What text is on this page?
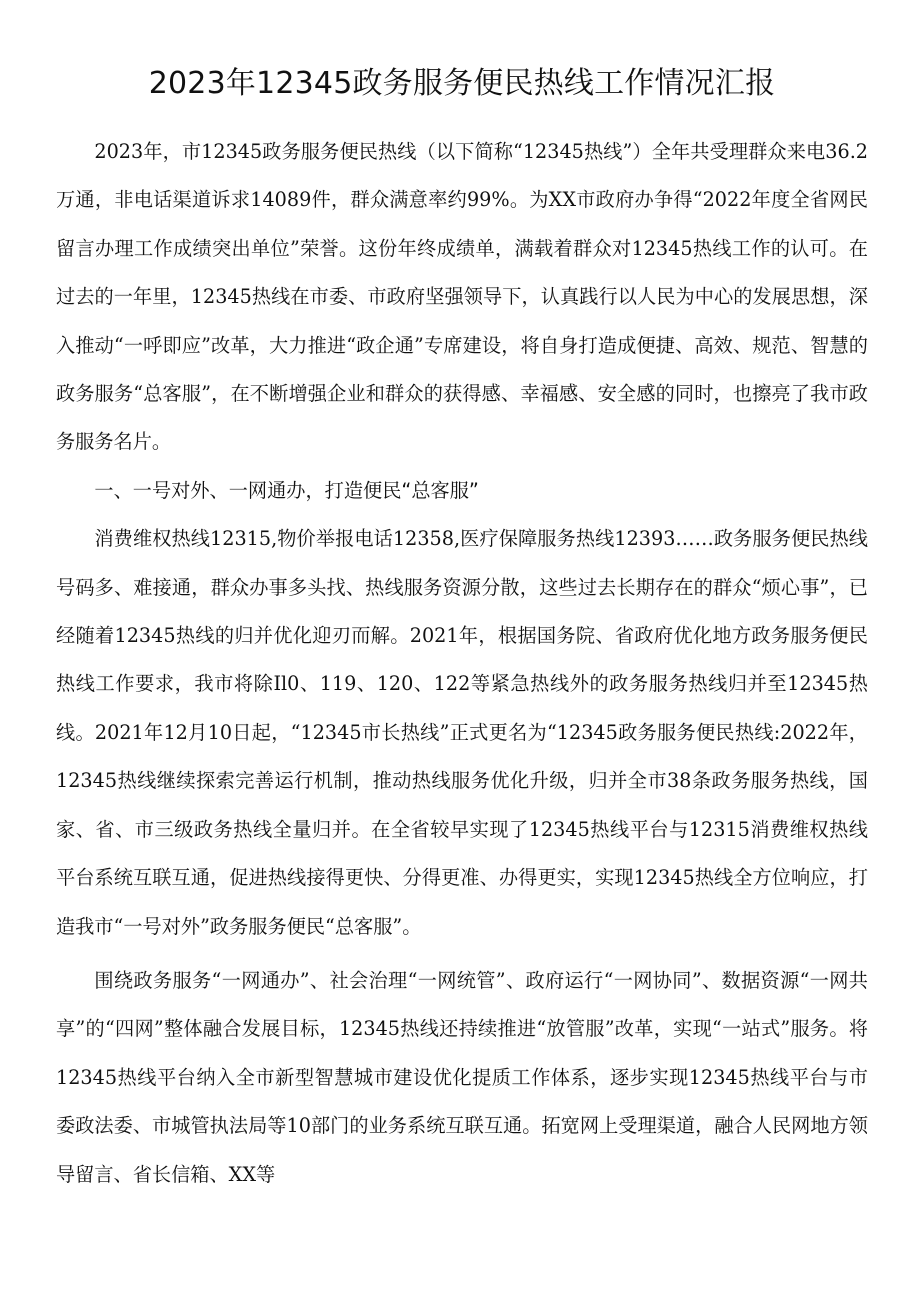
2023年12345政务服务便民热线工作情况汇报

2023年，市12345政务服务便民热线（以下简称“12345热线”）全年共受理群众来电36.2万通，非电话渠道诉求14089件，群众满意率约99%。为XX市政府办争得“2022年度全省网民留言办理工作成绩突出单位”荣誉。这份年终成绩单，满载着群众对12345热线工作的认可。在过去的一年里，12345热线在市委、市政府坚强领导下，认真践行以人民为中心的发展思想，深入推动“一呼即应”改革，大力推进“政企通”专席建设，将自身打造成便捷、高效、规范、智慧的政务服务“总客服”，在不断增强企业和群众的获得感、幸福感、安全感的同时，也擦亮了我市政务服务名片。

一、一号对外、一网通办，打造便民“总客服”

消费维权热线12315,物价举报电话12358,医疗保障服务热线12393……政务服务便民热线号码多、难接通，群众办事多头找、热线服务资源分散，这些过去长期存在的群众“烦心事”，已经随着12345热线的归并优化迎刃而解。2021年，根据国务院、省政府优化地方政务服务便民热线工作要求，我市将除Il0、119、120、122等紧急热线外的政务服务热线归并至12345热线。2021年12月10日起，“12345市长热线”正式更名为“12345政务服务便民热线:2022年，12345热线继续探索完善运行机制，推动热线服务优化升级，归并全市38条政务服务热线，国家、省、市三级政务热线全量归并。在全省较早实现了12345热线平台与12315消费维权热线平台系统互联互通，促进热线接得更快、分得更准、办得更实，实现12345热线全方位响应，打造我市“一号对外”政务服务便民“总客服”。

围绕政务服务“一网通办”、社会治理“一网统管”、政府运行“一网协同”、数据资源“一网共享”的“四网”整体融合发展目标，12345热线还持续推进“放管服”改革，实现“一站式”服务。将12345热线平台纳入全市新型智慧城市建设优化提质工作体系，逐步实现12345热线平台与市委政法委、市城管执法局等10部门的业务系统互联互通。拓宽网上受理渠道，融合人民网地方领导留言、省长信箱、XX等
